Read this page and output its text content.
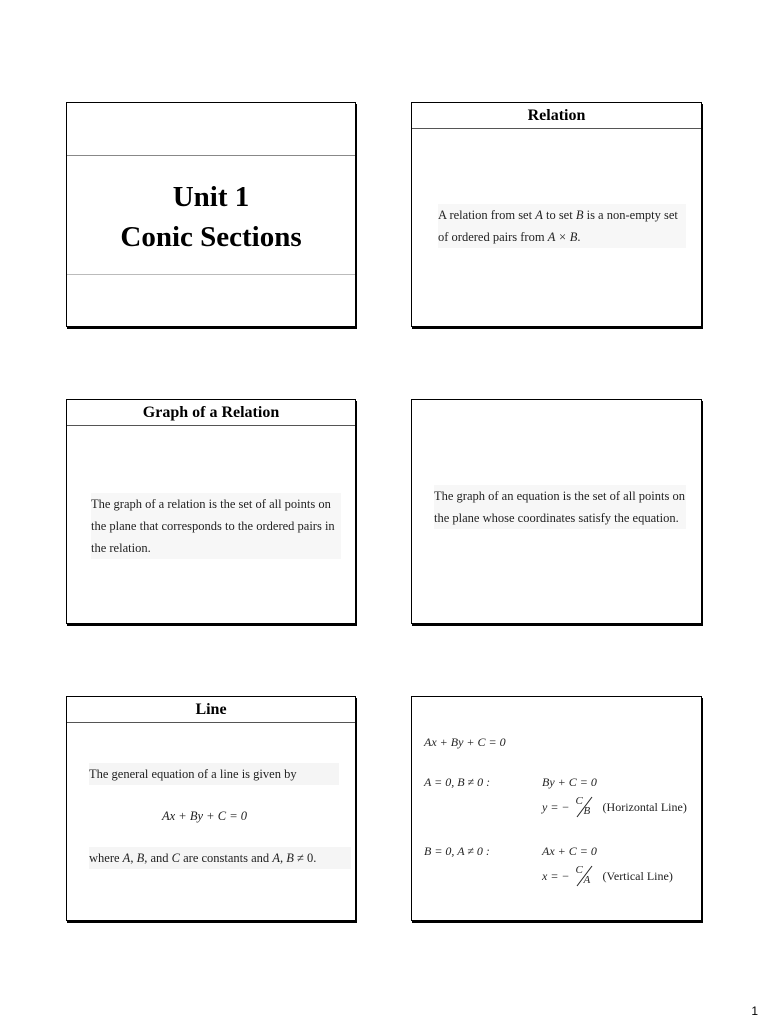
Unit 1
Conic Sections
Relation
A relation from set A to set B is a non-empty set of ordered pairs from A × B.
Graph of a Relation
The graph of a relation is the set of all points on the plane that corresponds to the ordered pairs in the relation.
The graph of an equation is the set of all points on the plane whose coordinates satisfy the equation.
Line
The general equation of a line is given by
Ax + By + C = 0
where A, B, and C are constants and A, B ≠ 0.
Ax + By + C = 0
A = 0, B ≠ 0 :	By + C = 0
y = − C
B (Horizontal Line)
B = 0, A ≠ 0 :	Ax + C = 0
x = − C
A (Vertical Line)
1
